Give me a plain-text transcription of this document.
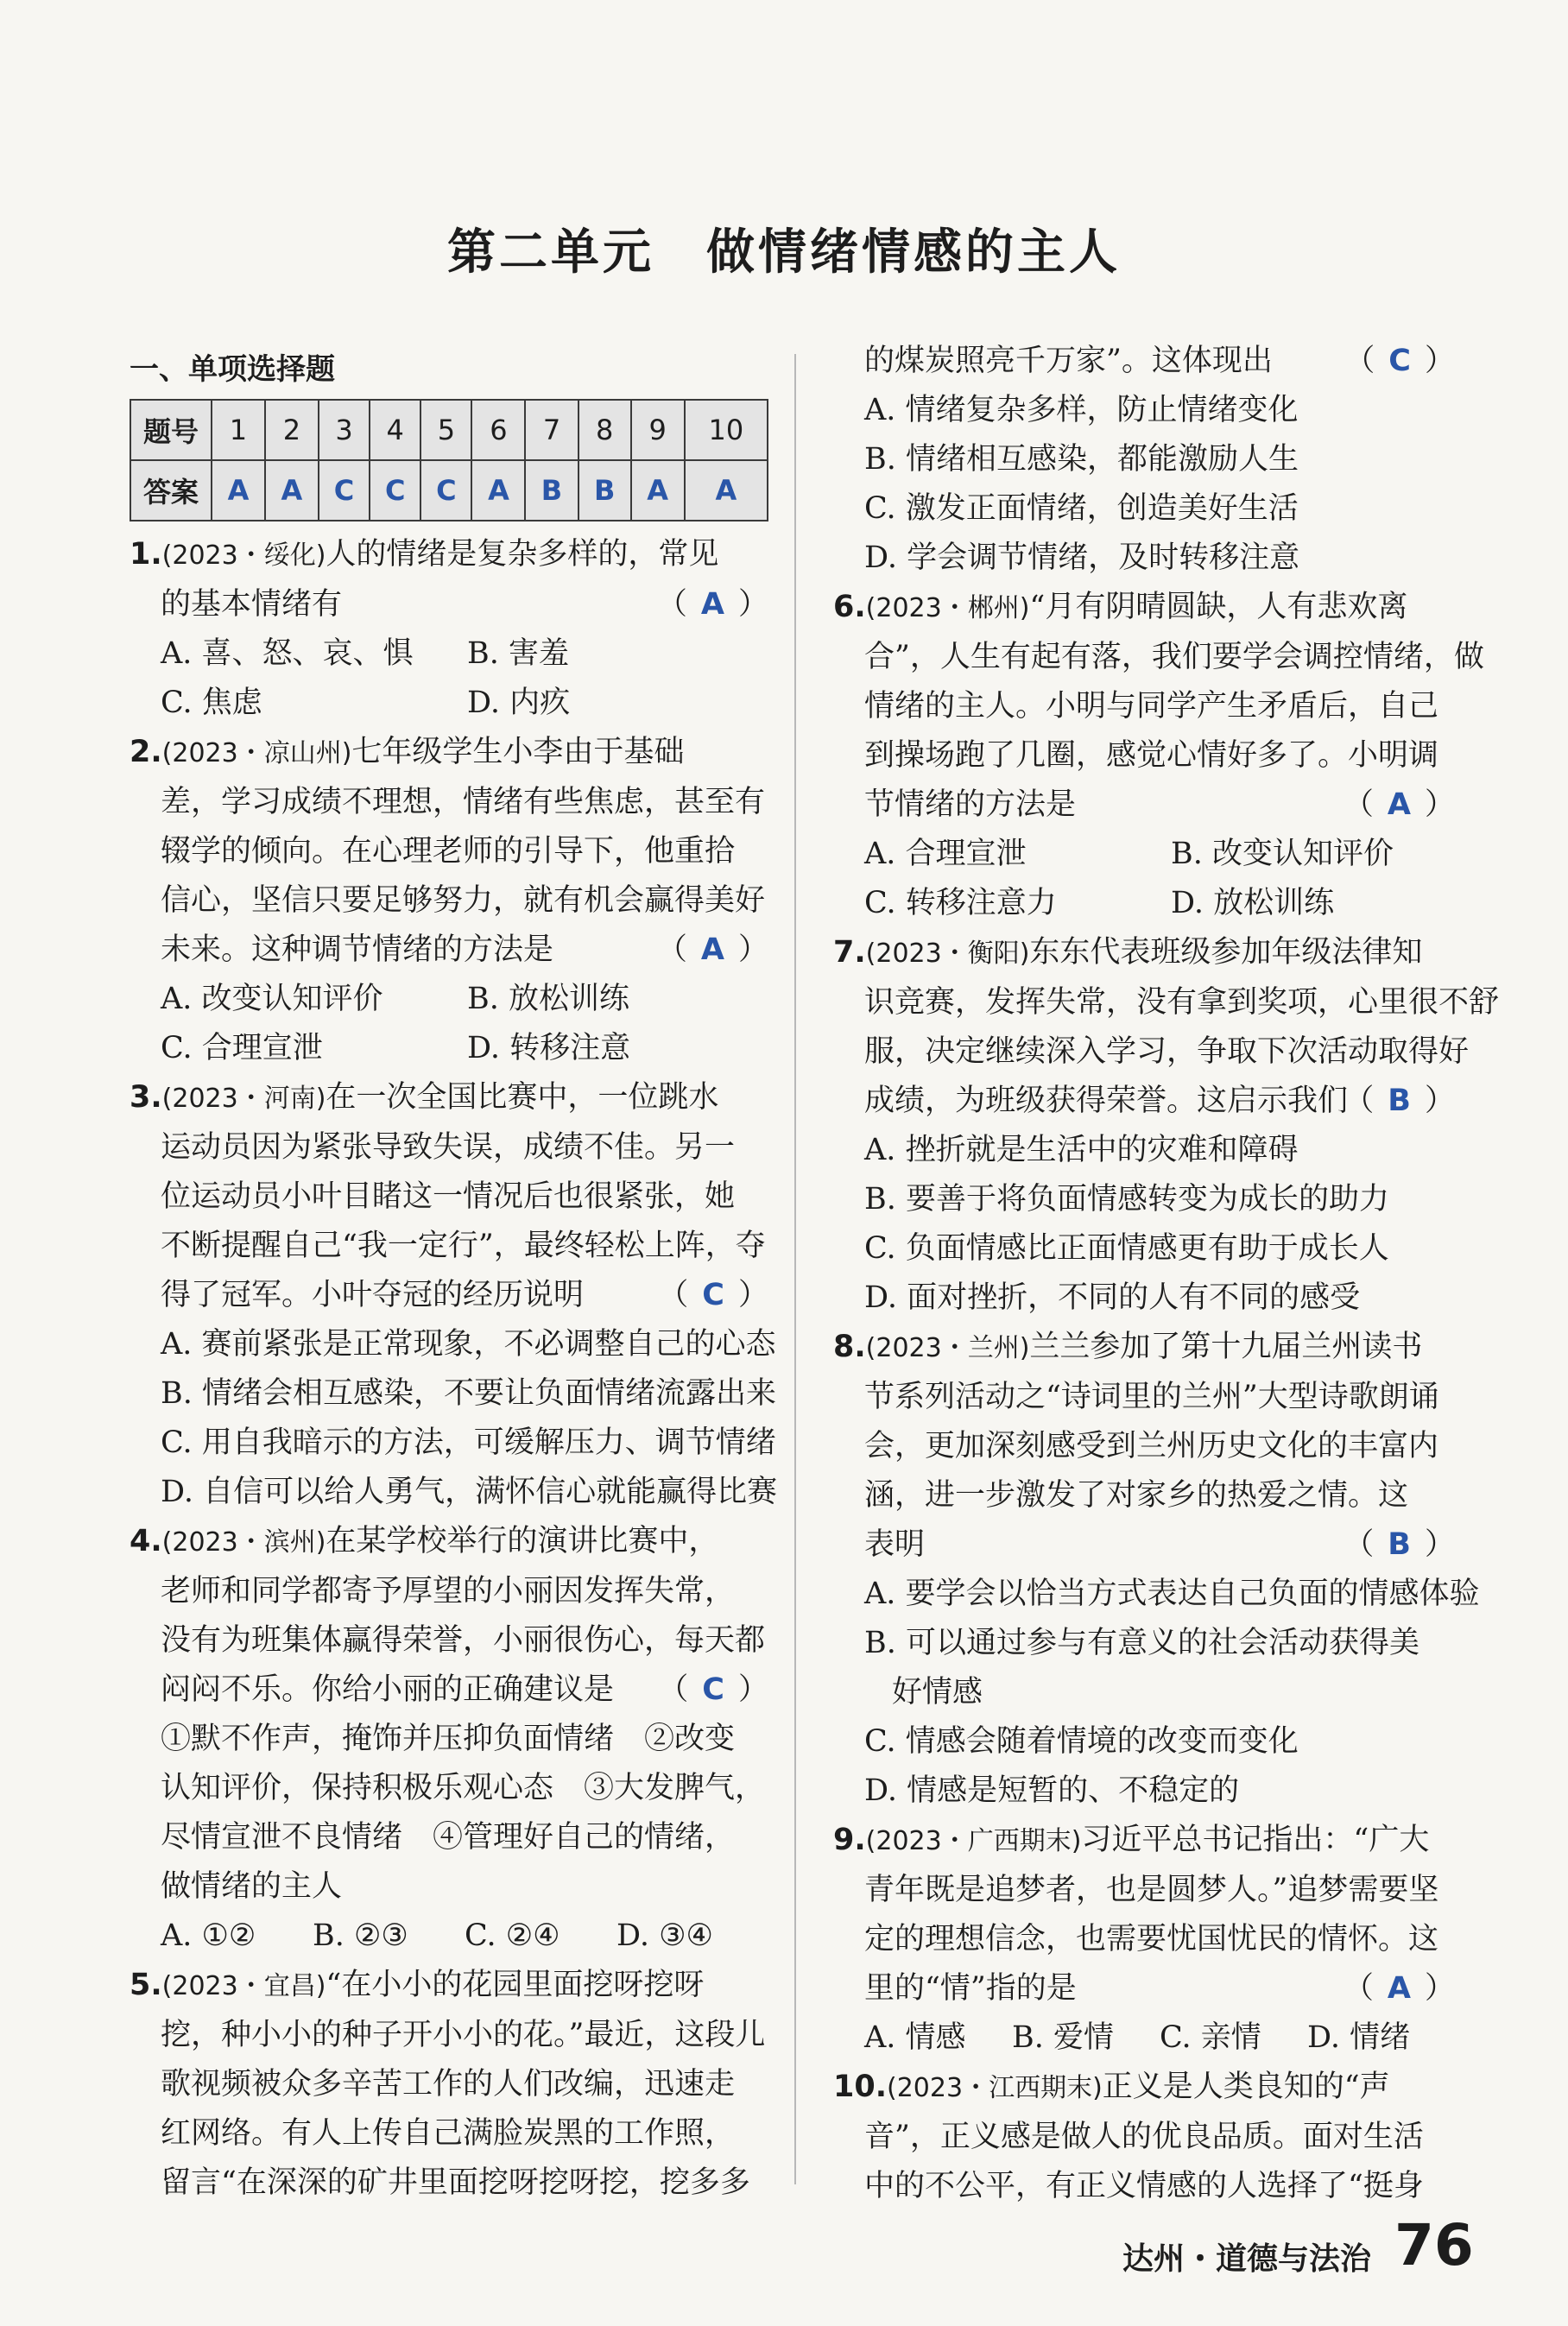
第二单元　做情绪情感的主人
一、单项选择题
题号	1	2	3	4	5	6	7	8	9	10
答案	A	A	C	C	C	A	B	B	A	A
1.(2023・绥化)人的情绪是复杂多样的，常见
的基本情绪有	（ A ）
A. 喜、怒、哀、惧	B. 害羞
C. 焦虑	D. 内疚
2.(2023・凉山州)七年级学生小李由于基础
差，学习成绩不理想，情绪有些焦虑，甚至有
辍学的倾向。在心理老师的引导下，他重拾
信心，坚信只要足够努力，就有机会赢得美好
未来。这种调节情绪的方法是	（ A ）
A. 改变认知评价	B. 放松训练
C. 合理宣泄	D. 转移注意
3.(2023・河南)在一次全国比赛中，一位跳水
运动员因为紧张导致失误，成绩不佳。另一
位运动员小叶目睹这一情况后也很紧张，她
不断提醒自己“我一定行”，最终轻松上阵，夺
得了冠军。小叶夺冠的经历说明 （ C ）
A. 赛前紧张是正常现象，不必调整自己的心态
B. 情绪会相互感染，不要让负面情绪流露出来
C. 用自我暗示的方法，可缓解压力、调节情绪
D. 自信可以给人勇气，满怀信心就能赢得比赛
4.(2023・滨州)在某学校举行的演讲比赛中，
老师和同学都寄予厚望的小丽因发挥失常，
没有为班集体赢得荣誉，小丽很伤心，每天都
闷闷不乐。你给小丽的正确建议是 （ C ）
①默不作声，掩饰并压抑负面情绪　②改变
认知评价，保持积极乐观心态　③大发脾气，
尽情宣泄不良情绪　④管理好自己的情绪，
做情绪的主人
A. ①②	B. ②③	C. ②④	D. ③④
5.(2023・宜昌)“在小小的花园里面挖呀挖呀
挖，种小小的种子开小小的花。”最近，这段儿
歌视频被众多辛苦工作的人们改编，迅速走
红网络。有人上传自己满脸炭黑的工作照，
留言“在深深的矿井里面挖呀挖呀挖，挖多多
的煤炭照亮千万家”。这体现出 （ C ）
A. 情绪复杂多样，防止情绪变化
B. 情绪相互感染，都能激励人生
C. 激发正面情绪，创造美好生活
D. 学会调节情绪，及时转移注意
6.(2023・郴州)“月有阴晴圆缺，人有悲欢离
合”，人生有起有落，我们要学会调控情绪，做
情绪的主人。小明与同学产生矛盾后，自己
到操场跑了几圈，感觉心情好多了。小明调
节情绪的方法是	（ A ）
A. 合理宣泄	B. 改变认知评价
C. 转移注意力	D. 放松训练
7.(2023・衡阳)东东代表班级参加年级法律知
识竞赛，发挥失常，没有拿到奖项，心里很不舒
服，决定继续深入学习，争取下次活动取得好
成绩，为班级获得荣誉。这启示我们
（ B ）
A. 挫折就是生活中的灾难和障碍
B. 要善于将负面情感转变为成长的助力
C. 负面情感比正面情感更有助于成长人
D. 面对挫折，不同的人有不同的感受
8.(2023・兰州)兰兰参加了第十九届兰州读书
节系列活动之“诗词里的兰州”大型诗歌朗诵
会，更加深刻感受到兰州历史文化的丰富内
涵，进一步激发了对家乡的热爱之情。这
表明	（ B ）
A. 要学会以恰当方式表达自己负面的情感体验
B. 可以通过参与有意义的社会活动获得美
好情感
C. 情感会随着情境的改变而变化
D. 情感是短暂的、不稳定的
9.(2023・广西期末)习近平总书记指出：“广大
青年既是追梦者，也是圆梦人。”追梦需要坚
定的理想信念，也需要忧国忧民的情怀。这
里的“情”指的是	（ A ）
A. 情感	B. 爱情	C. 亲情	D. 情绪
10.(2023・江西期末)正义是人类良知的“声
音”，正义感是做人的优良品质。面对生活
中的不公平，有正义情感的人选择了“挺身
达州・道德与法治 76
